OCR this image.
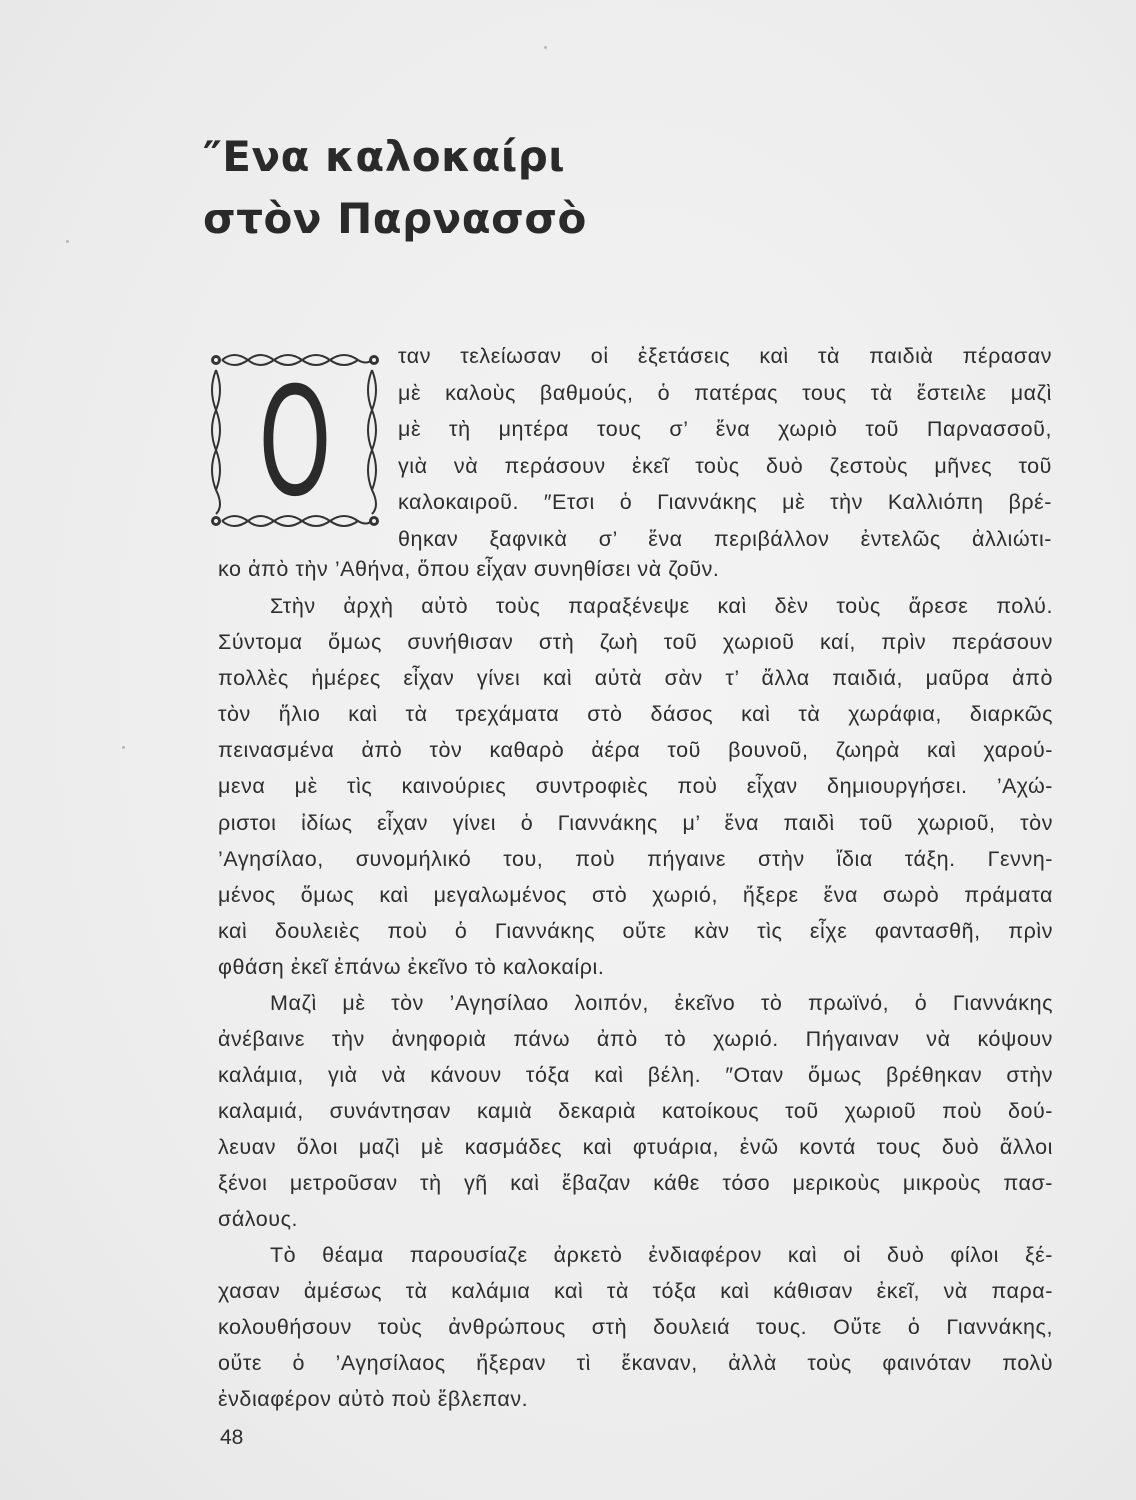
″Ενα καλοκαίρι
στὸν Παρνασσὸ
Ο	ταν τελείωσαν οἱ ἐξετάσεις καὶ τὰ παιδιὰ πέρασαν
μὲ καλοὺς βαθμούς, ὁ πατέρας τους τὰ ἔστειλε μαζὶ
μὲ τὴ μητέρα τους σ’ ἕνα χωριὸ τοῦ Παρνασσοῦ,
γιὰ νὰ περάσουν ἐκεῖ τοὺς δυὸ ζεστοὺς μῆνες τοῦ
καλοκαιροῦ. ″Ετσι ὁ Γιαννάκης μὲ τὴν Καλλιόπη βρέ-
θηκαν ξαφνικὰ σ’ ἕνα περιβάλλον ἐντελῶς ἀλλιώτι-
κο ἀπὸ τὴν ’Αθήνα, ὅπου εἶχαν συνηθίσει νὰ ζοῦν.
Στὴν ἀρχὴ αὐτὸ τοὺς παραξένεψε καὶ δὲν τοὺς ἄρεσε πολύ.
Σύντομα ὅμως συνήθισαν στὴ ζωὴ τοῦ χωριοῦ καί, πρὶν περάσουν
πολλὲς ἡμέρες εἶχαν γίνει καὶ αὐτὰ σὰν τ’ ἄλλα παιδιά, μαῦρα ἀπὸ
τὸν ἥλιο καὶ τὰ τρεχάματα στὸ δάσος καὶ τὰ χωράφια, διαρκῶς
πεινασμένα ἀπὸ τὸν καθαρὸ ἀέρα τοῦ βουνοῦ, ζωηρὰ καὶ χαρού-
μενα μὲ τὶς καινούριες συντροφιὲς ποὺ εἶχαν δημιουργήσει. ’Αχώ-
ριστοι ἰδίως εἶχαν γίνει ὁ Γιαννάκης μ’ ἕνα παιδὶ τοῦ χωριοῦ, τὸν
’Αγησίλαο, συνομήλικό του, ποὺ πήγαινε στὴν ἴδια τάξη. Γεννη-
μένος ὅμως καὶ μεγαλωμένος στὸ χωριό, ἤξερε ἕνα σωρὸ πράματα
καὶ δουλειὲς ποὺ ὁ Γιαννάκης οὔτε κὰν τὶς εἶχε φαντασθῆ, πρὶν
φθάση ἐκεῖ ἐπάνω ἐκεῖνο τὸ καλοκαίρι.
Μαζὶ μὲ τὸν ’Αγησίλαο λοιπόν, ἐκεῖνο τὸ πρωϊνό, ὁ Γιαννάκης
ἀνέβαινε τὴν ἀνηφοριὰ πάνω ἀπὸ τὸ χωριό. Πήγαιναν νὰ κόψουν
καλάμια, γιὰ νὰ κάνουν τόξα καὶ βέλη. ″Οταν ὅμως βρέθηκαν στὴν
καλαμιά, συνάντησαν καμιὰ δεκαριὰ κατοίκους τοῦ χωριοῦ ποὺ δού-
λευαν ὅλοι μαζὶ μὲ κασμάδες καὶ φτυάρια, ἐνῶ κοντά τους δυὸ ἄλλοι
ξένοι μετροῦσαν τὴ γῆ καὶ ἔβαζαν κάθε τόσο μερικοὺς μικροὺς πασ-
σάλους.
Τὸ θέαμα παρουσίαζε ἀρκετὸ ἐνδιαφέρον καὶ οἱ δυὸ φίλοι ξέ-
χασαν ἀμέσως τὰ καλάμια καὶ τὰ τόξα καὶ κάθισαν ἐκεῖ, νὰ παρα-
κολουθήσουν τοὺς ἀνθρώπους στὴ δουλειά τους. Οὔτε ὁ Γιαννάκης,
οὔτε ὁ ’Αγησίλαος ἤξεραν τὶ ἔκαναν, ἀλλὰ τοὺς φαινόταν πολὺ
ἐνδιαφέρον αὐτὸ ποὺ ἔβλεπαν.
48
